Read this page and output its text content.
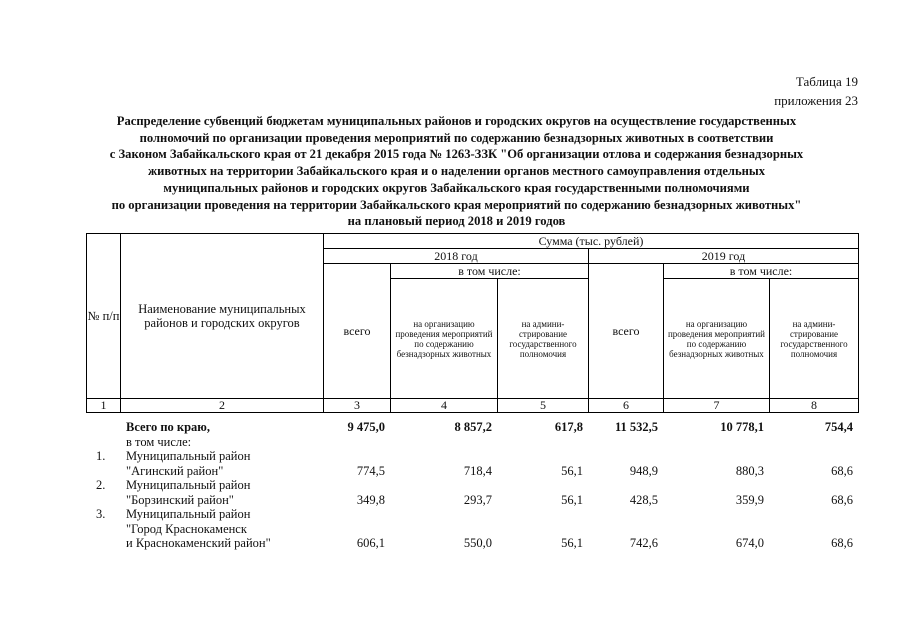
Таблица 19
приложения 23
Распределение субвенций бюджетам муниципальных районов и городских округов на осуществление государственных
полномочий по организации проведения мероприятий по содержанию безнадзорных животных в соответствии
с Законом Забайкальского края от 21 декабря 2015 года № 1263-ЗЗК "Об организации отлова и содержания безнадзорных
животных на территории Забайкальского края и о наделении органов местного самоуправления отдельных
муниципальных районов и городских округов Забайкальского края государственными полномочиями
по организации проведения на территории Забайкальского края мероприятий по содержанию безнадзорных животных"
на плановый период 2018 и 2019 годов
№ п/п	Наименование муниципальных районов и городских округов	Сумма (тыс. рублей)					
		2018 год			2019 год		
		всего	в том числе:		всего	в том числе:	
			на организацию проведения мероприятий по содержанию безнадзорных животных	на админи-стрирование государственного полномочия		на организацию проведения мероприятий по содержанию безнадзорных животных	на админи-стрирование государственного полномочия
1	2	3	4	5	6	7	8

	Всего по краю,
в том числе:	9 475,0	8 857,2	617,8	11 532,5	10 778,1	754,4
1.	Муниципальный район
"Агинский район"	774,5	718,4	56,1	948,9	880,3	68,6
2.	Муниципальный район
"Борзинский район"	349,8	293,7	56,1	428,5	359,9	68,6
3.	Муниципальный район
"Город Краснокаменск
и Краснокаменский район"	606,1	550,0	56,1	742,6	674,0	68,6
